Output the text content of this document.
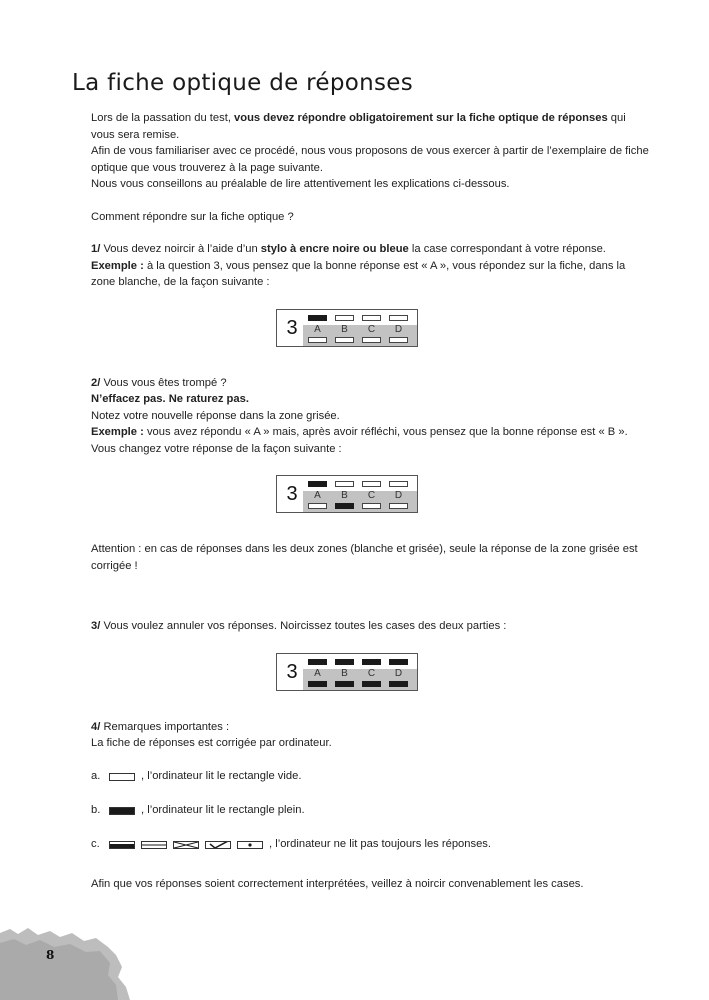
La fiche optique de réponses

Lors de la passation du test, vous devez répondre obligatoirement sur la fiche optique de réponses qui vous sera remise.
Afin de vous familiariser avec ce procédé, nous vous proposons de vous exercer à partir de l’exemplaire de fiche optique que vous trouverez à la page suivante.
Nous vous conseillons au préalable de lire attentivement les explications ci-dessous.

Comment répondre sur la fiche optique ?

1/ Vous devez noircir à l’aide d’un stylo à encre noire ou bleue la case correspondant à votre réponse.
Exemple : à la question 3, vous pensez que la bonne réponse est « A », vous répondez sur la fiche, dans la zone blanche, de la façon suivante :

3	A	B	C	D

2/ Vous vous êtes trompé ?
N’effacez pas. Ne raturez pas.
Notez votre nouvelle réponse dans la zone grisée.
Exemple : vous avez répondu « A » mais, après avoir réfléchi, vous pensez que la bonne réponse est « B ». Vous changez votre réponse de la façon suivante :

3	A	B	C	D

Attention : en cas de réponses dans les deux zones (blanche et grisée), seule la réponse de la zone grisée est corrigée !

3/ Vous voulez annuler vos réponses. Noircissez toutes les cases des deux parties :

3	A	B	C	D

4/ Remarques importantes :
La fiche de réponses est corrigée par ordinateur.

a.	, l’ordinateur lit le rectangle vide.
b.	, l’ordinateur lit le rectangle plein.
c.	, l’ordinateur ne lit pas toujours les réponses.

Afin que vos réponses soient correctement interprétées, veillez à noircir convenablement les cases.

8
